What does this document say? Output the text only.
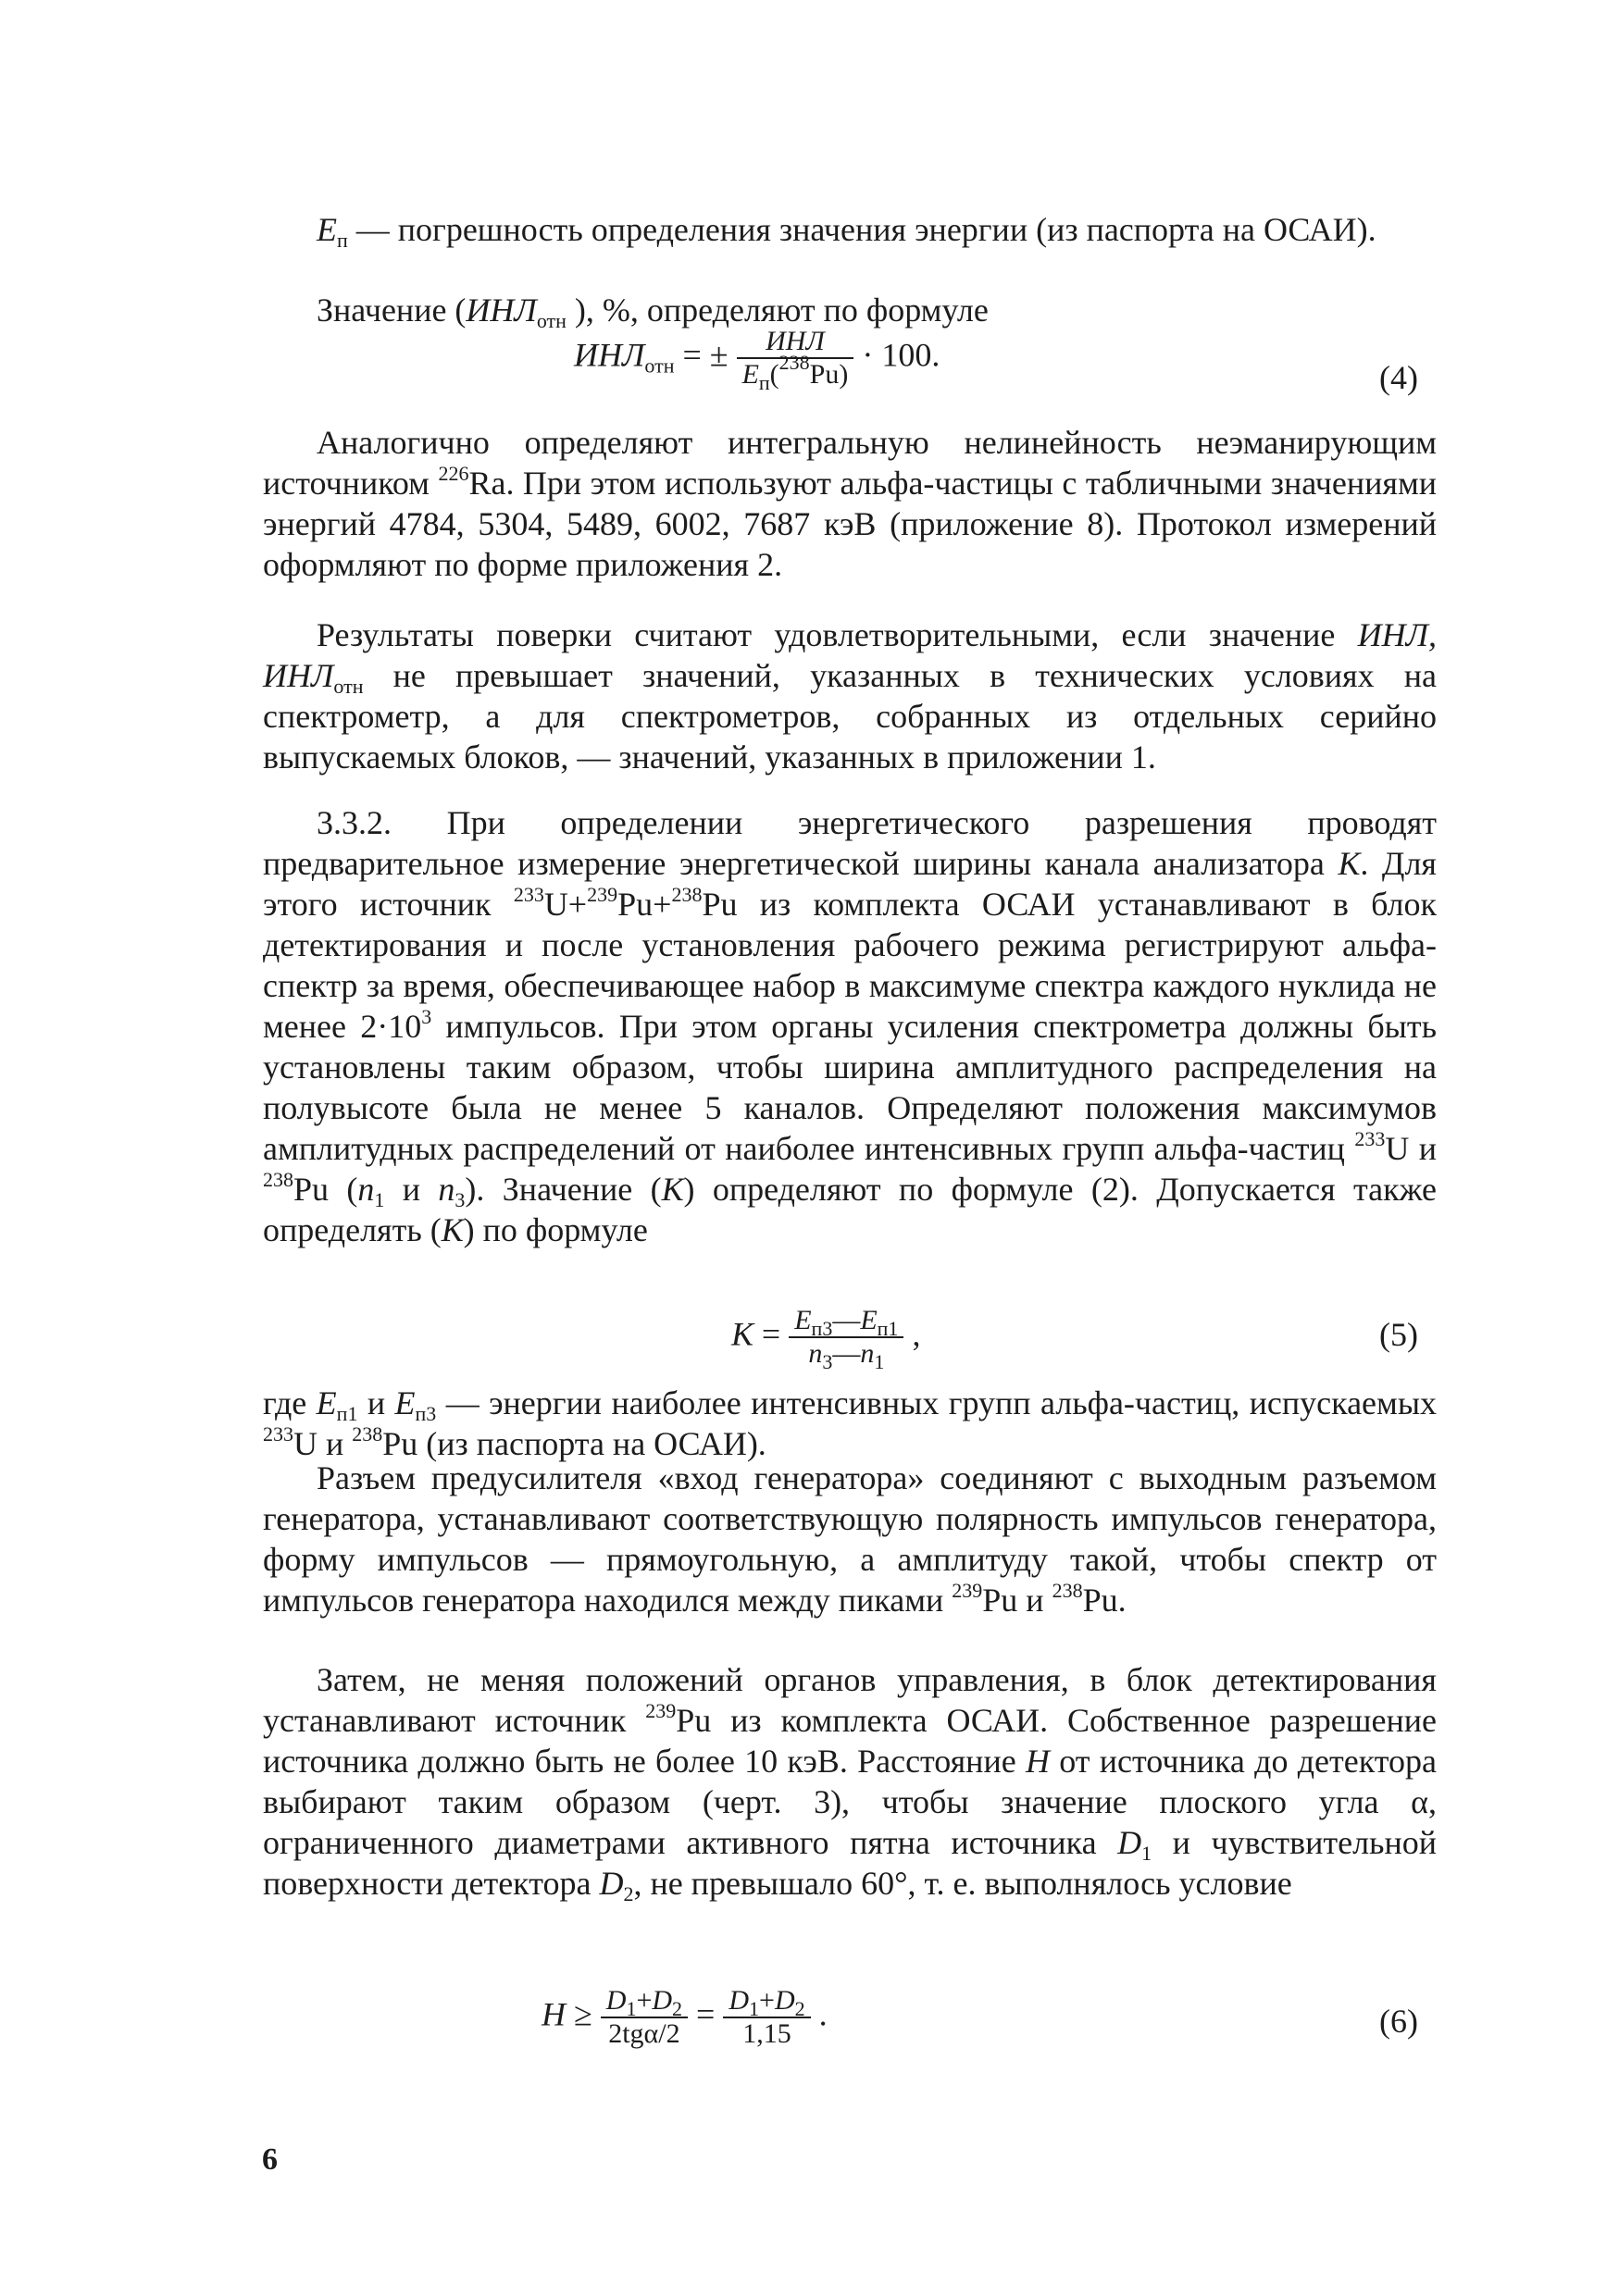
$E_п$ — погрешность определения значения энергии (из паспорта на ОСАИ).

Значение ($ИНЛ_{отн}$ ), %, определяют по формуле

$ИНЛ_{отн}$ = ± $\frac{\text{ИНЛ}}{E_п(^{238}Pu)} \cdot 100$.
(4)

Аналогично определяют интегральную нелинейность неэманирующим источником $^{226}$Ra. При этом используют альфа-частицы с табличными значениями энергий 4784, 5304, 5489, 6002, 7687 кэВ (приложение 8). Протокол измерений оформляют по форме приложения 2.

Результаты поверки считают удовлетворительными, если значение ИНЛ, $ИНЛ_{отн}$ не превышает значений, указанных в технических условиях на спектрометр, а для спектрометров, собранных из отдельных серийно выпускаемых блоков, — значений, указанных в приложении 1.

3.3.2. При определении энергетического разрешения проводят предварительное измерение энергетической ширины канала анализатора К. Для этого источник $^{233}$U+$^{239}$Pu+$^{238}$Pu из комплекта ОСАИ устанавливают в блок детектирования и после установления рабочего режима регистрируют альфа-спектр за время, обеспечивающее набор в максимуме спектра каждого нуклида не менее $2\cdot 10^3$ импульсов. При этом органы усиления спектрометра должны быть установлены таким образом, чтобы ширина амплитудного распределения на полувысоте была не менее 5 каналов. Определяют положения максимумов амплитудных распределений от наиболее интенсивных групп альфа-частиц $^{233}$U и $^{238}$Pu ($n_1$ и $n_3$). Значение (К) определяют по формуле (2). Допускается также определять (К) по формуле

$К = \frac{E_{п3}—E_{п1}}{n_3—n_1}$ ,	(5)

где $E_{п1}$ и $E_{п3}$ — энергии наиболее интенсивных групп альфа-частиц, испускаемых $^{233}$U и $^{238}$Pu (из паспорта на ОСАИ).

Разъем предусилителя «вход генератора» соединяют с выходным разъемом генератора, устанавливают соответствующую полярность импульсов генератора, форму импульсов — прямоугольную, а амплитуду такой, чтобы спектр от импульсов генератора находился между пиками $^{239}$Pu и $^{238}$Pu.

Затем, не меняя положений органов управления, в блок детектирования устанавливают источник $^{239}$Pu из комплекта ОСАИ. Собственное разрешение источника должно быть не более 10 кэВ. Расстояние H от источника до детектора выбирают таким образом (черт. 3), чтобы значение плоского угла α, ограниченного диаметрами активного пятна источника $D_1$ и чувствительной поверхности детектора $D_2$, не превышало 60°, т. е. выполнялось условие

$H \ge \frac{D_1+D_2}{\text{2tgα/2}} = \frac{D_1+D_2}{1,15}$ .	(6)
6
